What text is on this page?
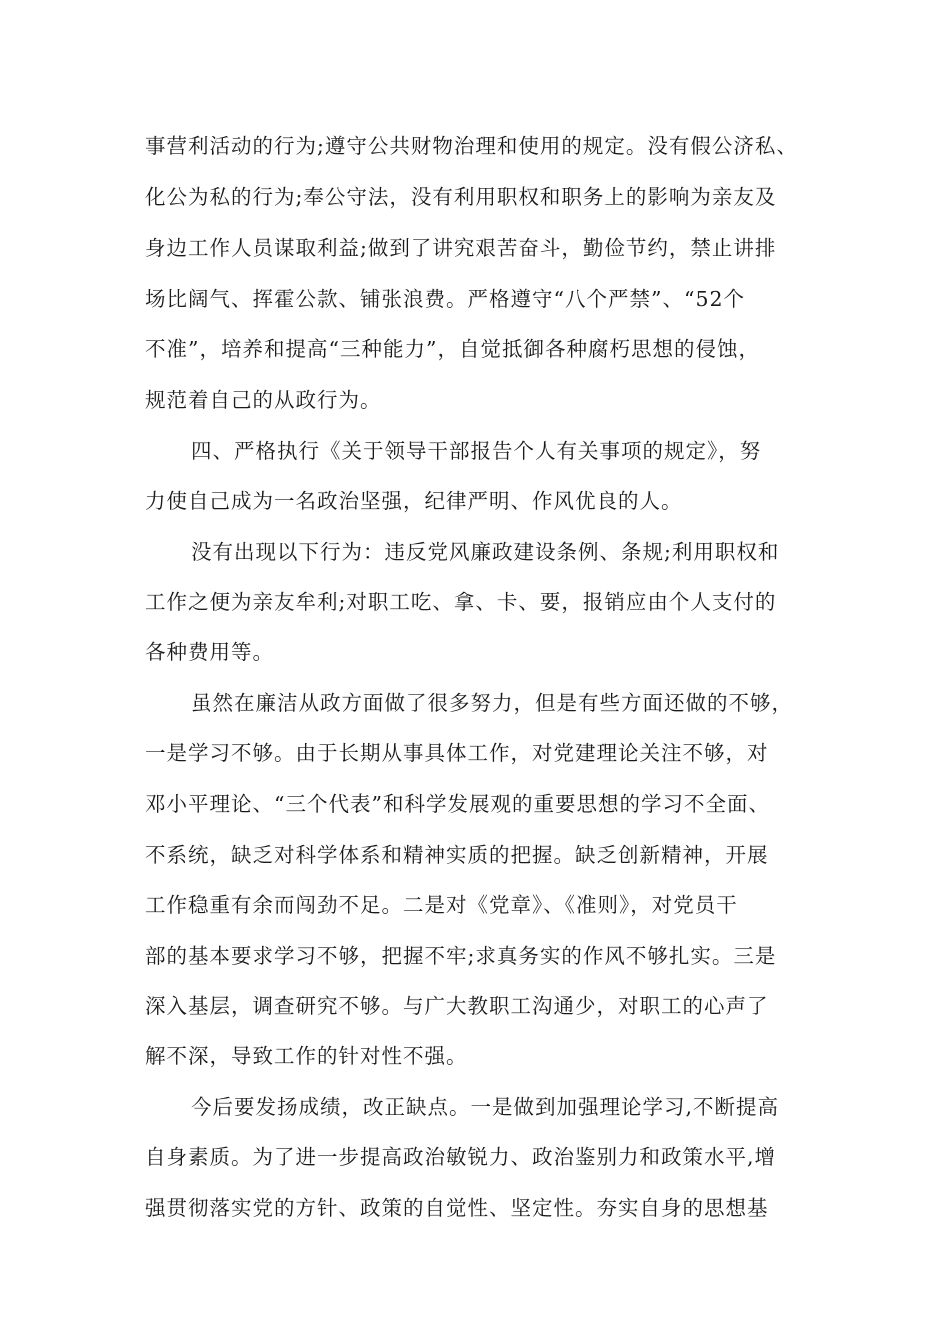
事营利活动的行为;遵守公共财物治理和使用的规定。没有假公济私、
化公为私的行为;奉公守法，没有利用职权和职务上的影响为亲友及
身边工作人员谋取利益;做到了讲究艰苦奋斗，勤俭节约，禁止讲排
场比阔气、挥霍公款、铺张浪费。严格遵守“八个严禁”、“52个
不准”，培养和提高“三种能力”，自觉抵御各种腐朽思想的侵蚀，
规范着自己的从政行为。
四、严格执行《关于领导干部报告个人有关事项的规定》，努
力使自己成为一名政治坚强，纪律严明、作风优良的人。
没有出现以下行为：违反党风廉政建设条例、条规;利用职权和
工作之便为亲友牟利;对职工吃、拿、卡、要，报销应由个人支付的
各种费用等。
虽然在廉洁从政方面做了很多努力，但是有些方面还做的不够，
一是学习不够。由于长期从事具体工作，对党建理论关注不够，对
邓小平理论、“三个代表”和科学发展观的重要思想的学习不全面、
不系统，缺乏对科学体系和精神实质的把握。缺乏创新精神，开展
工作稳重有余而闯劲不足。二是对《党章》、《准则》，对党员干
部的基本要求学习不够，把握不牢;求真务实的作风不够扎实。三是
深入基层，调查研究不够。与广大教职工沟通少，对职工的心声了
解不深，导致工作的针对性不强。
今后要发扬成绩，改正缺点。一是做到加强理论学习,不断提高
自身素质。为了进一步提高政治敏锐力、政治鉴别力和政策水平,增
强贯彻落实党的方针、政策的自觉性、坚定性。夯实自身的思想基
